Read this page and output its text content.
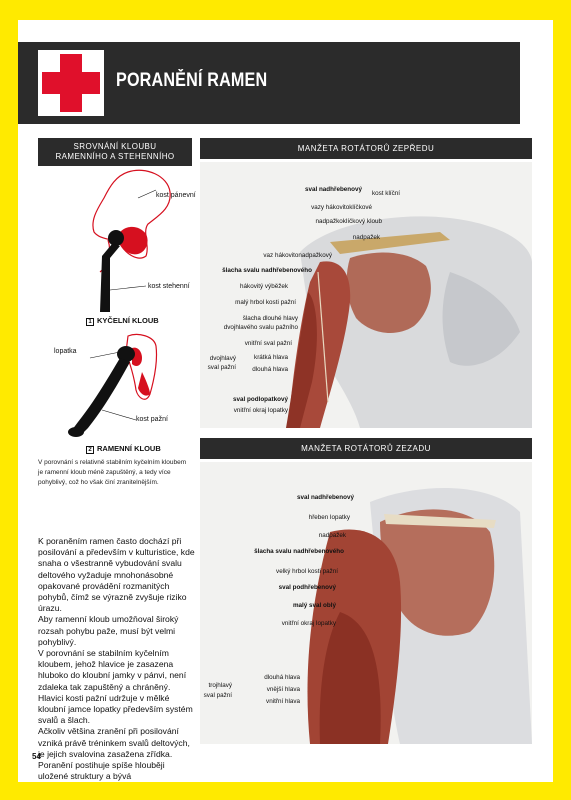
PORANĚNÍ RAMEN
SROVNÁNÍ KLOUBU
RAMENNÍHO A STEHENNÍHO
kost pánevní
kost stehenní
1 KYČELNÍ KLOUB
lopatka
kost pažní
2 RAMENNÍ KLOUB
V porovnání s relativně stabilním kyčelním kloubem je ramenní kloub méně zapuštěný, a tedy více pohyblivý, což ho však činí zranitelnějším.
MANŽETA ROTÁTORŮ ZEPŘEDU
sval nadhřebenový
kost klíční
vazy hákovitoklíčkové
nadpažkoklíčkový kloub
nadpažek
vaz hákovitonadpažkový
šlacha svalu nadhřebenového
hákovitý výběžek
malý hrbol kosti pažní
šlacha dlouhé hlavy
dvojhlavého svalu pažního
vnitřní sval pažní
dvojhlavý
sval pažní
krátká hlava
dlouhá hlava
sval podlopatkový
vnitřní okraj lopatky
MANŽETA ROTÁTORŮ ZEZADU
sval nadhřebenový
hřeben lopatky
nadpažek
šlacha svalu nadhřebenového
velký hrbol kosti pažní
sval podhřebenový
malý sval oblý
vnitřní okraj lopatky
trojhlavý
sval pažní
dlouhá hlava
vnější hlava
vnitřní hlava

K poraněním ramen často dochází při posilování a především v kulturistice, kde snaha o všestranně vybudování svalu deltového vyžaduje mnohonásobné opakované provádění rozmanitých pohybů, čímž se výrazně zvyšuje riziko úrazu.

Aby ramenní kloub umožňoval široký rozsah pohybu paže, musí být velmi pohyblivý.

V porovnání se stabilním kyčelním kloubem, jehož hlavice je zasazena hluboko do kloubní jamky v pánvi, není zdaleka tak zapuštěný a chráněný. Hlavici kosti pažní udržuje v mělké kloubní jamce lopatky především systém svalů a šlach.

Ačkoliv většina zranění při posilování vzniká právě tréninkem svalů deltových, je jejich svalovina zasažena zřídka. Poranění postihuje spíše hlouběji uložené struktury a bývá

54
